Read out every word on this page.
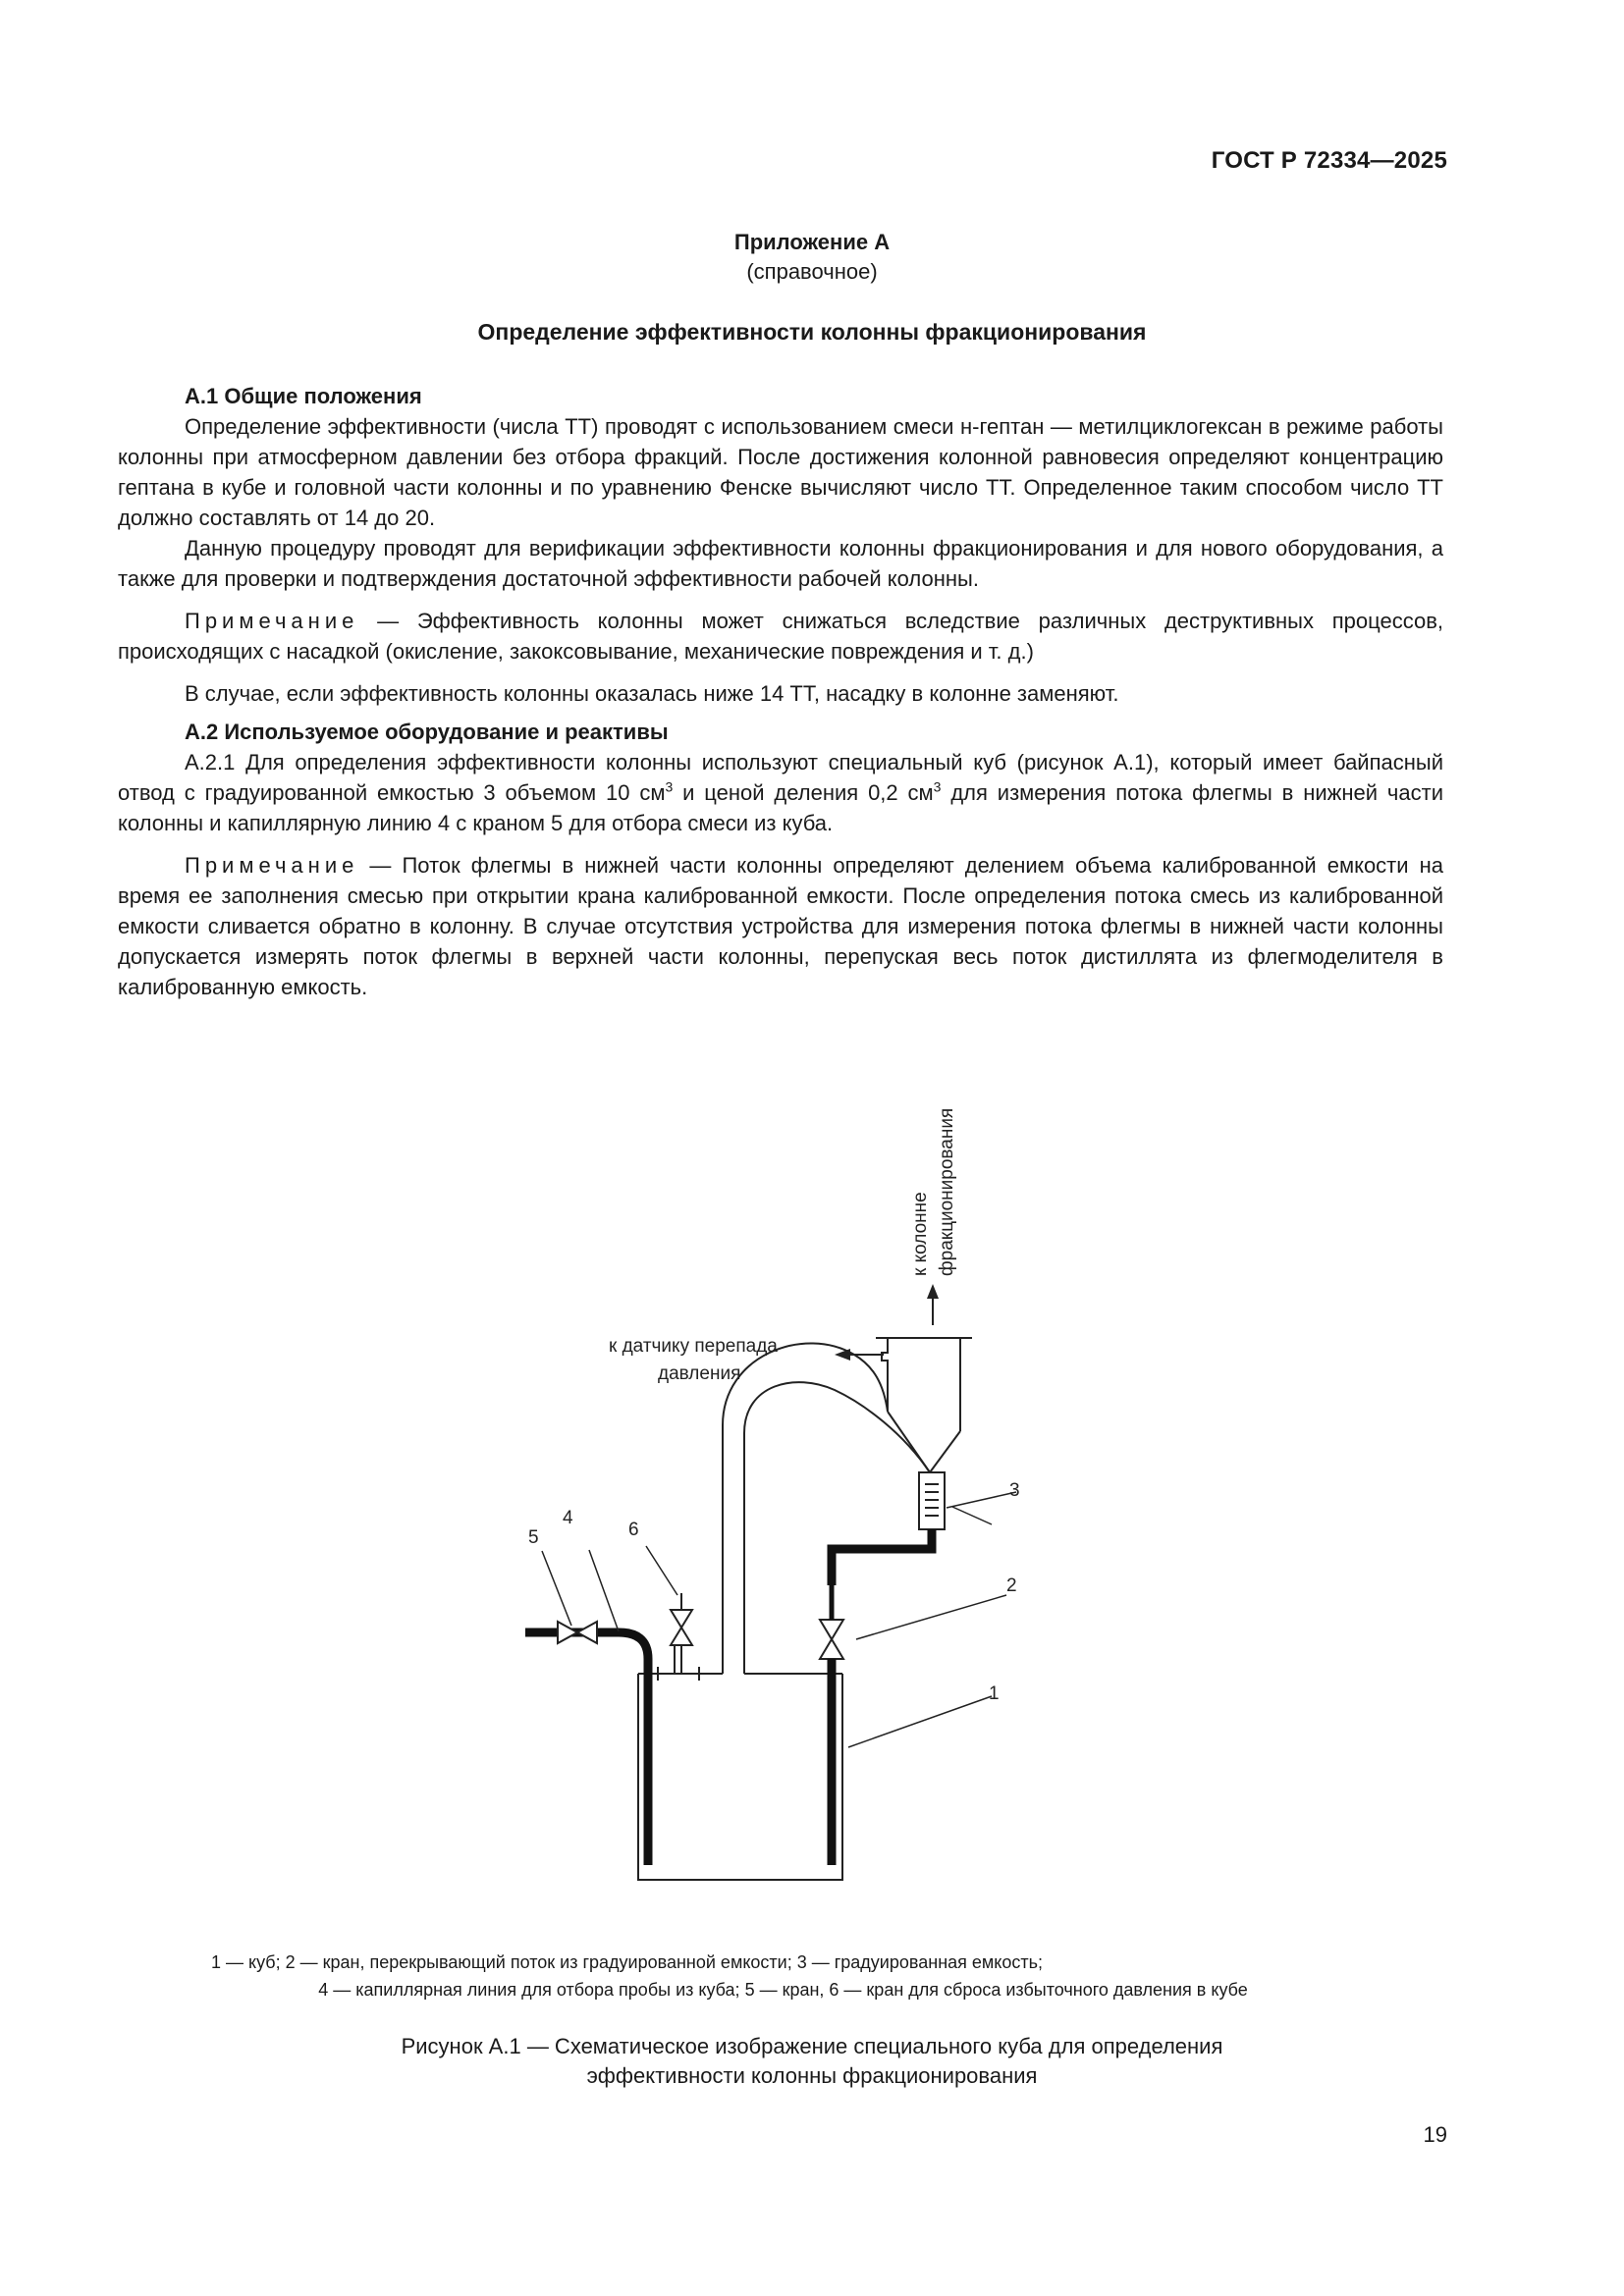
ГОСТ Р 72334—2025
Приложение А
(справочное)
Определение эффективности колонны фракционирования
А.1 Общие положения

Определение эффективности (числа ТТ) проводят с использованием смеси н-гептан — метилциклогексан в режиме работы колонны при атмосферном давлении без отбора фракций. После достижения колонной равновесия определяют концентрацию гептана в кубе и головной части колонны и по уравнению Фенске вычисляют число ТТ. Определенное таким способом число ТТ должно составлять от 14 до 20.

Данную процедуру проводят для верификации эффективности колонны фракционирования и для нового оборудования, а также для проверки и подтверждения достаточной эффективности рабочей колонны.

Примечание — Эффективность колонны может снижаться вследствие различных деструктивных процессов, происходящих с насадкой (окисление, закоксовывание, механические повреждения и т. д.)

В случае, если эффективность колонны оказалась ниже 14 ТТ, насадку в колонне заменяют.

А.2 Используемое оборудование и реактивы

А.2.1 Для определения эффективности колонны используют специальный куб (рисунок А.1), который имеет байпасный отвод с градуированной емкостью 3 объемом 10 $см^3$ и ценой деления 0,2 $см^3$ для измерения потока флегмы в нижней части колонны и капиллярную линию 4 с краном 5 для отбора смеси из куба.

Примечание — Поток флегмы в нижней части колонны определяют делением объема калиброванной емкости на время ее заполнения смесью при открытии крана калиброванной емкости. После определения потока смесь из калиброванной емкости сливается обратно в колонну. В случае отсутствия устройства для измерения потока флегмы в нижней части колонны допускается измерять поток флегмы в верхней части колонны, перепуская весь поток дистиллята из флегмоделителя в калиброванную емкость.

к колонне фракционирования
к датчику перепада
давления
3
2
1
5
4
6
1 — куб; 2 — кран, перекрывающий поток из градуированной емкости; 3 — градуированная емкость;
4 — капиллярная линия для отбора пробы из куба; 5 — кран, 6 — кран для сброса избыточного давления в кубе
Рисунок А.1 — Схематическое изображение специального куба для определения
эффективности колонны фракционирования
19
